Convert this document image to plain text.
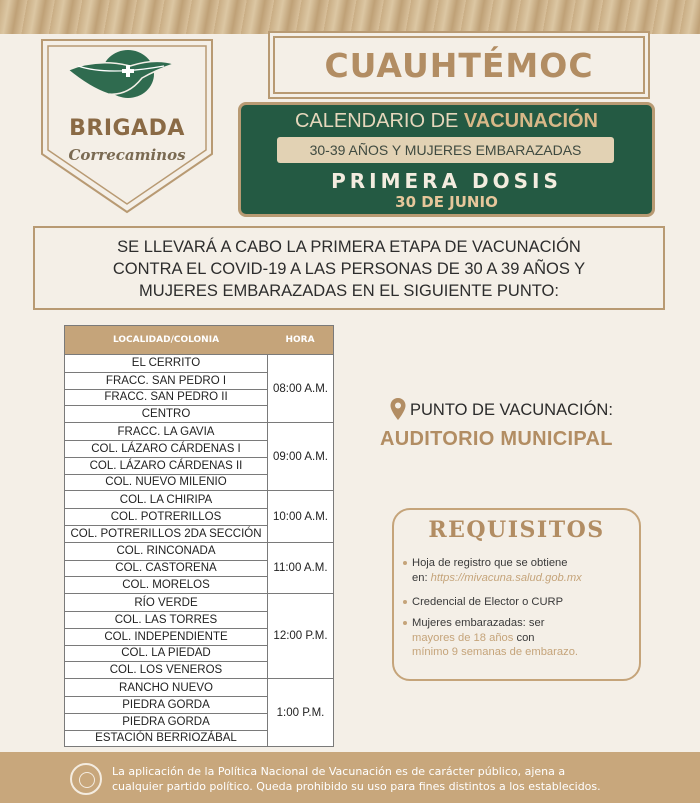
BRIGADA
Correcaminos
CUAUHTÉMOC
CALENDARIO DE VACUNACIÓN
30-39 AÑOS Y MUJERES EMBARAZADAS
PRIMERA DOSIS
30 DE JUNIO
SE LLEVARÁ A CABO LA PRIMERA ETAPA DE VACUNACIÓN
CONTRA EL COVID-19 A LAS PERSONAS DE 30 A 39 AÑOS Y
MUJERES EMBARAZADAS EN EL SIGUIENTE PUNTO:
LOCALIDAD/COLONIA	HORA
EL CERRITO
FRACC. SAN PEDRO I
FRACC. SAN PEDRO II
CENTRO
08:00 A.M.
FRACC. LA GAVIA
COL. LÁZARO CÁRDENAS I
COL. LÁZARO CÁRDENAS II
COL. NUEVO MILENIO
09:00 A.M.
COL. LA CHIRIPA
COL. POTRERILLOS
COL. POTRERILLOS 2DA SECCIÓN
10:00 A.M.
COL. RINCONADA
COL. CASTORENA
COL. MORELOS
11:00 A.M.
RÍO VERDE
COL. LAS TORRES
COL. INDEPENDIENTE
COL. LA PIEDAD
COL. LOS VENEROS
12:00 P.M.
RANCHO NUEVO
PIEDRA GORDA
PIEDRA GORDA
ESTACIÓN BERRIOZÁBAL
1:00 P.M.
PUNTO DE VACUNACIÓN:
AUDITORIO MUNICIPAL
REQUISITOS
Hoja de registro que se obtiene
en: https://mivacuna.salud.gob.mx
Credencial de Elector o CURP
Mujeres embarazadas: ser
mayores de 18 años con
mínimo 9 semanas de embarazo.
La aplicación de la Política Nacional de Vacunación es de carácter público, ajena a
cualquier partido político. Queda prohibido su uso para fines distintos a los establecidos.
